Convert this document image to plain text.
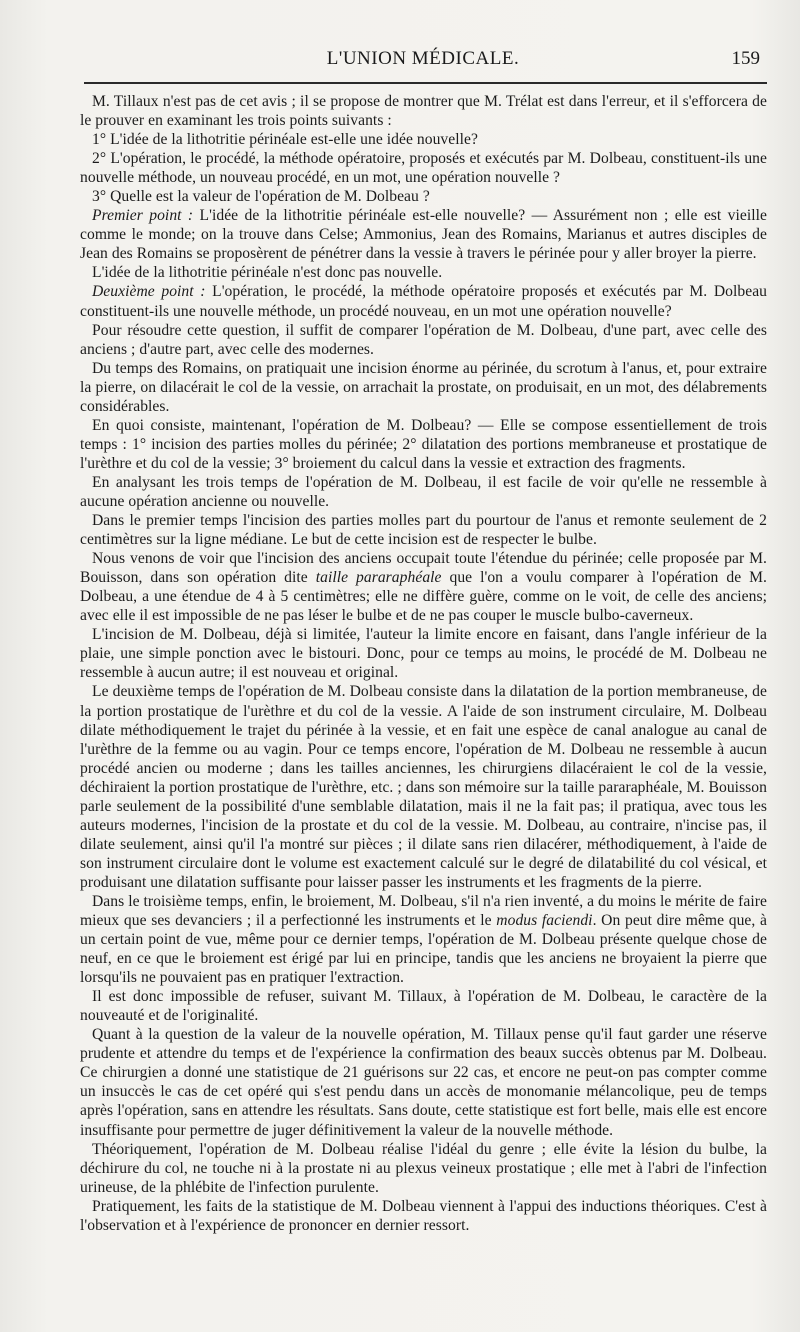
L'UNION MÉDICALE.	159

M. Tillaux n'est pas de cet avis ; il se propose de montrer que M. Trélat est dans l'erreur, et il s'efforcera de le prouver en examinant les trois points suivants :

1° L'idée de la lithotritie périnéale est-elle une idée nouvelle?

2° L'opération, le procédé, la méthode opératoire, proposés et exécutés par M. Dolbeau, constituent-ils une nouvelle méthode, un nouveau procédé, en un mot, une opération nouvelle ?

3° Quelle est la valeur de l'opération de M. Dolbeau ?

Premier point : L'idée de la lithotritie périnéale est-elle nouvelle? — Assurément non ; elle est vieille comme le monde; on la trouve dans Celse; Ammonius, Jean des Romains, Marianus et autres disciples de Jean des Romains se proposèrent de pénétrer dans la vessie à travers le périnée pour y aller broyer la pierre.

L'idée de la lithotritie périnéale n'est donc pas nouvelle.

Deuxième point : L'opération, le procédé, la méthode opératoire proposés et exécutés par M. Dolbeau constituent-ils une nouvelle méthode, un procédé nouveau, en un mot une opération nouvelle?

Pour résoudre cette question, il suffit de comparer l'opération de M. Dolbeau, d'une part, avec celle des anciens ; d'autre part, avec celle des modernes.

Du temps des Romains, on pratiquait une incision énorme au périnée, du scrotum à l'anus, et, pour extraire la pierre, on dilacérait le col de la vessie, on arrachait la prostate, on produisait, en un mot, des délabrements considérables.

En quoi consiste, maintenant, l'opération de M. Dolbeau? — Elle se compose essentiellement de trois temps : 1° incision des parties molles du périnée; 2° dilatation des portions membraneuse et prostatique de l'urèthre et du col de la vessie; 3° broiement du calcul dans la vessie et extraction des fragments.

En analysant les trois temps de l'opération de M. Dolbeau, il est facile de voir qu'elle ne ressemble à aucune opération ancienne ou nouvelle.

Dans le premier temps l'incision des parties molles part du pourtour de l'anus et remonte seulement de 2 centimètres sur la ligne médiane. Le but de cette incision est de respecter le bulbe.

Nous venons de voir que l'incision des anciens occupait toute l'étendue du périnée; celle proposée par M. Bouisson, dans son opération dite taille pararaphéale que l'on a voulu comparer à l'opération de M. Dolbeau, a une étendue de 4 à 5 centimètres; elle ne diffère guère, comme on le voit, de celle des anciens; avec elle il est impossible de ne pas léser le bulbe et de ne pas couper le muscle bulbo-caverneux.

L'incision de M. Dolbeau, déjà si limitée, l'auteur la limite encore en faisant, dans l'angle inférieur de la plaie, une simple ponction avec le bistouri. Donc, pour ce temps au moins, le procédé de M. Dolbeau ne ressemble à aucun autre; il est nouveau et original.

Le deuxième temps de l'opération de M. Dolbeau consiste dans la dilatation de la portion membraneuse, de la portion prostatique de l'urèthre et du col de la vessie. A l'aide de son instrument circulaire, M. Dolbeau dilate méthodiquement le trajet du périnée à la vessie, et en fait une espèce de canal analogue au canal de l'urèthre de la femme ou au vagin. Pour ce temps encore, l'opération de M. Dolbeau ne ressemble à aucun procédé ancien ou moderne ; dans les tailles anciennes, les chirurgiens dilacéraient le col de la vessie, déchiraient la portion prostatique de l'urèthre, etc. ; dans son mémoire sur la taille pararaphéale, M. Bouisson parle seulement de la possibilité d'une semblable dilatation, mais il ne la fait pas; il pratiqua, avec tous les auteurs modernes, l'incision de la prostate et du col de la vessie. M. Dolbeau, au contraire, n'incise pas, il dilate seulement, ainsi qu'il l'a montré sur pièces ; il dilate sans rien dilacérer, méthodiquement, à l'aide de son instrument circulaire dont le volume est exactement calculé sur le degré de dilatabilité du col vésical, et produisant une dilatation suffisante pour laisser passer les instruments et les fragments de la pierre.

Dans le troisième temps, enfin, le broiement, M. Dolbeau, s'il n'a rien inventé, a du moins le mérite de faire mieux que ses devanciers ; il a perfectionné les instruments et le modus faciendi. On peut dire même que, à un certain point de vue, même pour ce dernier temps, l'opération de M. Dolbeau présente quelque chose de neuf, en ce que le broiement est érigé par lui en principe, tandis que les anciens ne broyaient la pierre que lorsqu'ils ne pouvaient pas en pratiquer l'extraction.

Il est donc impossible de refuser, suivant M. Tillaux, à l'opération de M. Dolbeau, le caractère de la nouveauté et de l'originalité.

Quant à la question de la valeur de la nouvelle opération, M. Tillaux pense qu'il faut garder une réserve prudente et attendre du temps et de l'expérience la confirmation des beaux succès obtenus par M. Dolbeau. Ce chirurgien a donné une statistique de 21 guérisons sur 22 cas, et encore ne peut-on pas compter comme un insuccès le cas de cet opéré qui s'est pendu dans un accès de monomanie mélancolique, peu de temps après l'opération, sans en attendre les résultats. Sans doute, cette statistique est fort belle, mais elle est encore insuffisante pour permettre de juger définitivement la valeur de la nouvelle méthode.

Théoriquement, l'opération de M. Dolbeau réalise l'idéal du genre ; elle évite la lésion du bulbe, la déchirure du col, ne touche ni à la prostate ni au plexus veineux prostatique ; elle met à l'abri de l'infection urineuse, de la phlébite de l'infection purulente.

Pratiquement, les faits de la statistique de M. Dolbeau viennent à l'appui des inductions théoriques. C'est à l'observation et à l'expérience de prononcer en dernier ressort.
